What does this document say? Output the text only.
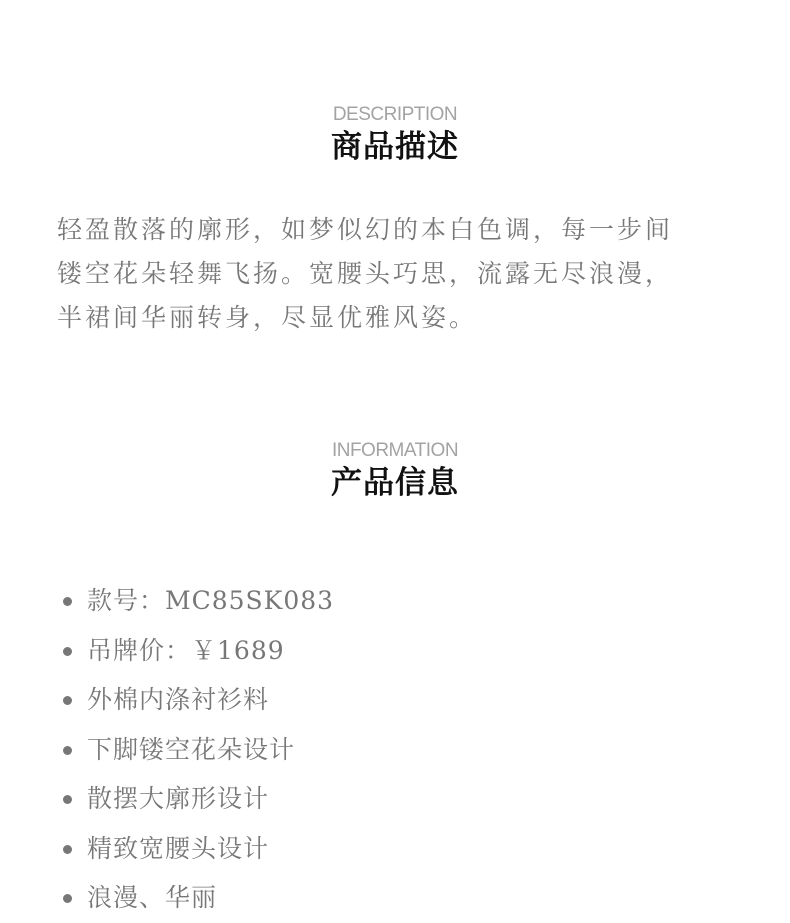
DESCRIPTION
商品描述

轻盈散落的廓形，如梦似幻的本白色调，每一步间
镂空花朵轻舞飞扬。宽腰头巧思，流露无尽浪漫，
半裙间华丽转身，尽显优雅风姿。

INFORMATION
产品信息
款号：MC85SK083
吊牌价：￥1689
外棉内涤衬衫料
下脚镂空花朵设计
散摆大廓形设计
精致宽腰头设计
浪漫、华丽
